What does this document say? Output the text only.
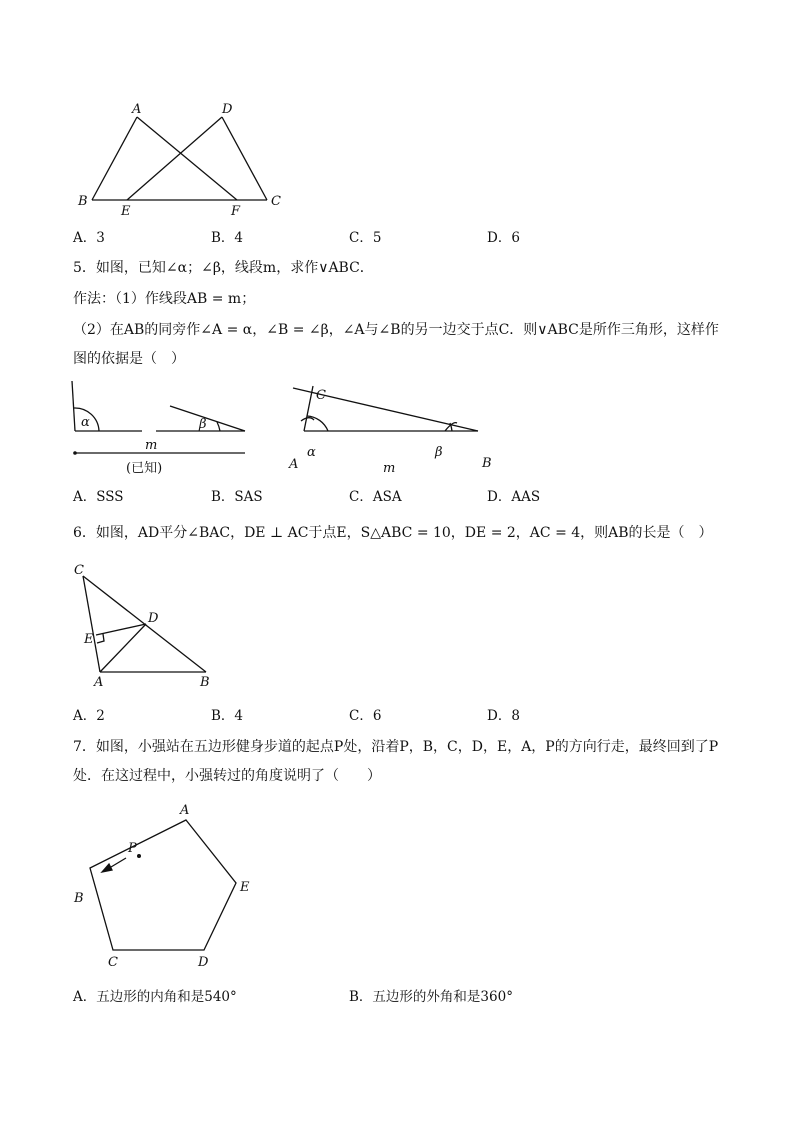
A	D
B
E	F
C
A．3	B．4	C．5	D．6
5．如图，已知∠α；∠β，线段m，求作∨ABC．
作法：（1）作线段AB = m；
（2）在AB的同旁作∠A = α，∠B = ∠β，∠A与∠B的另一边交于点C．则∨ABC是所作三角形，这样作
图的依据是（　）
α	β
m
(已知)
C
A	B
α	β
m
A．SSS	B．SAS	C．ASA	D．AAS
6．如图，AD平分∠BAC，DE ⊥ AC于点E，S△ABC = 10，DE = 2，AC = 4，则AB的长是（　）
C
D
E
A	B
A．2	B．4	C．6	D．8
7．如图，小强站在五边形健身步道的起点P处，沿着P，B，C，D，E，A，P的方向行走，最终回到了P
处．在这过程中，小强转过的角度说明了（　　）
A
P
B
E
C	D
A．五边形的内角和是540°	B．五边形的外角和是360°
